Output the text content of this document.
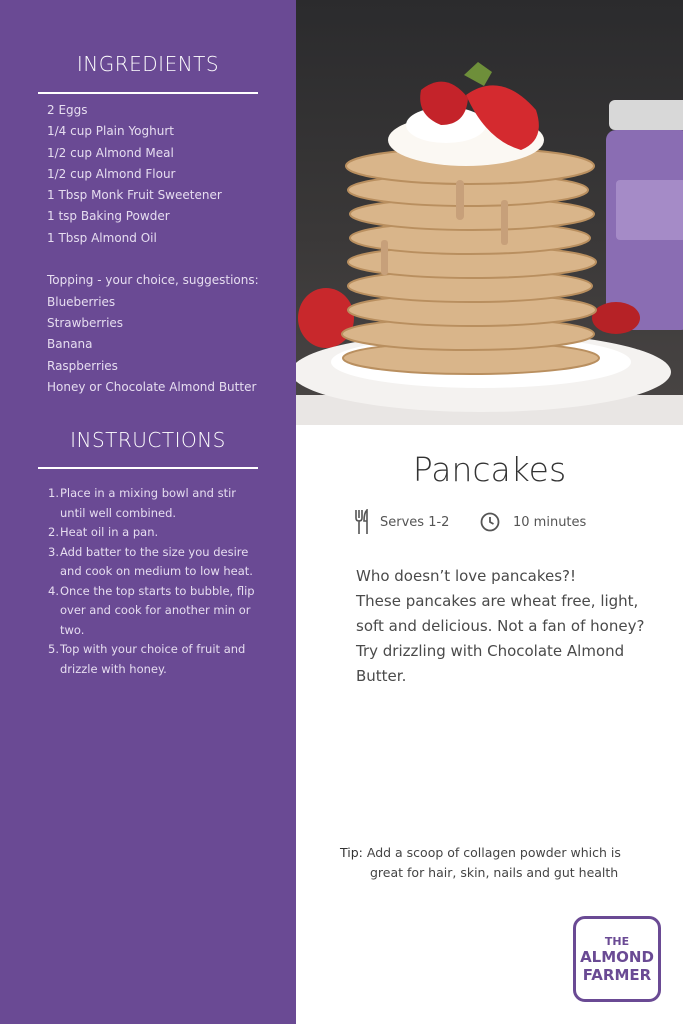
INGREDIENTS
2 Eggs
1/4 cup Plain Yoghurt
1/2 cup Almond Meal
1/2 cup Almond Flour
1 Tbsp Monk Fruit Sweetener
1 tsp Baking Powder
1 Tbsp Almond Oil
Topping - your choice, suggestions:
Blueberries
Strawberries
Banana
Raspberries
Honey or Chocolate Almond Butter
INSTRUCTIONS
1. Place in a mixing bowl and stir until well combined.
2. Heat oil in a pan.
3. Add batter to the size you desire and cook on medium to low heat.
4. Once the top starts to bubble, flip over and cook for another min or two.
5. Top with your choice of fruit and drizzle with honey.
Pancakes
Serves 1-2	10 minutes
Who doesn’t love pancakes?!
These pancakes are wheat free, light,
soft and delicious. Not a fan of honey?
Try drizzling with Chocolate Almond
Butter.
Tip: Add a scoop of collagen powder which is
great for hair, skin, nails and gut health
THE
ALMOND
FARMER
